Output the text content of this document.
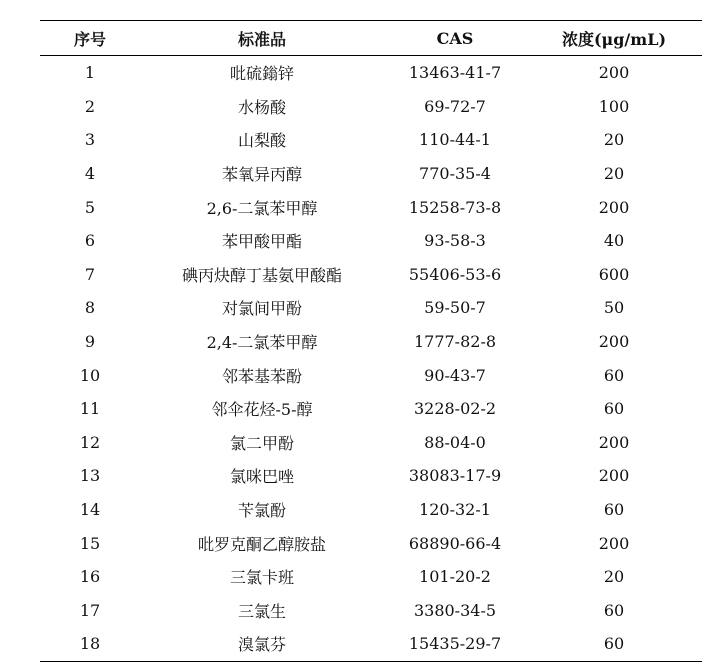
序号	标准品	CAS	浓度(μg/mL)
1	吡硫鎓锌	13463-41-7	200
2	水杨酸	69-72-7	100
3	山梨酸	110-44-1	20
4	苯氧异丙醇	770-35-4	20
5	2,6-二氯苯甲醇	15258-73-8	200
6	苯甲酸甲酯	93-58-3	40
7	碘丙炔醇丁基氨甲酸酯	55406-53-6	600
8	对氯间甲酚	59-50-7	50
9	2,4-二氯苯甲醇	1777-82-8	200
10	邻苯基苯酚	90-43-7	60
11	邻伞花烃-5-醇	3228-02-2	60
12	氯二甲酚	88-04-0	200
13	氯咪巴唑	38083-17-9	200
14	苄氯酚	120-32-1	60
15	吡罗克酮乙醇胺盐	68890-66-4	200
16	三氯卡班	101-20-2	20
17	三氯生	3380-34-5	60
18	溴氯芬	15435-29-7	60
